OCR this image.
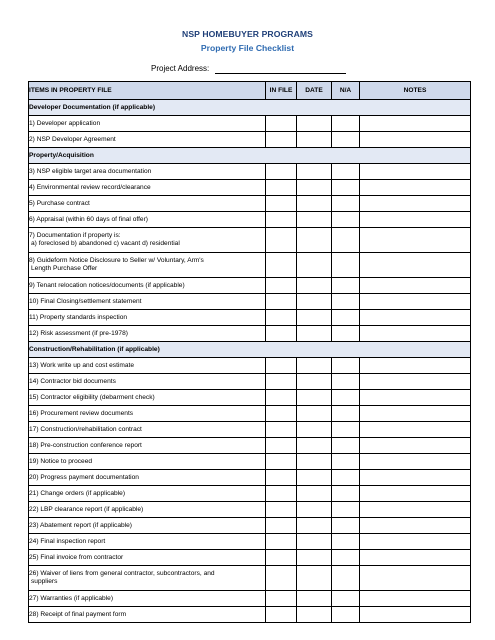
NSP HOMEBUYER PROGRAMS
Property File Checklist
Project Address:
ITEMS IN PROPERTY FILE	IN FILE	DATE	N/A	NOTES
Developer Documentation (if applicable)				

1) Developer application				

2) NSP Developer Agreement				

Property/Acquisition				

3) NSP eligible target area documentation				

4) Environmental review record/clearance				

5) Purchase contract				

6) Appraisal (within 60 days of final offer)				

7) Documentation if property is:
a) foreclosed b) abandoned c) vacant d) residential				

8) Guideform Notice Disclosure to Seller w/ Voluntary, Arm's
Length Purchase Offer				

9) Tenant relocation notices/documents (if applicable)				

10) Final Closing/settlement statement				

11) Property standards inspection				

12) Risk assessment (if pre-1978)				

Construction/Rehabilitation (if applicable)				

13) Work write up and cost estimate				

14) Contractor bid documents				

15) Contractor eligibility (debarment check)				

16) Procurement review documents				

17) Construction/rehabilitation contract				

18) Pre-construction conference report				

19) Notice to proceed				

20) Progress payment documentation				

21) Change orders (if applicable)				

22) LBP clearance report (if applicable)				

23) Abatement report (if applicable)				

24) Final inspection report				

25) Final invoice from contractor				

26) Waiver of liens from general contractor, subcontractors, and
suppliers				

27) Warranties (if applicable)				

28) Receipt of final payment form				
